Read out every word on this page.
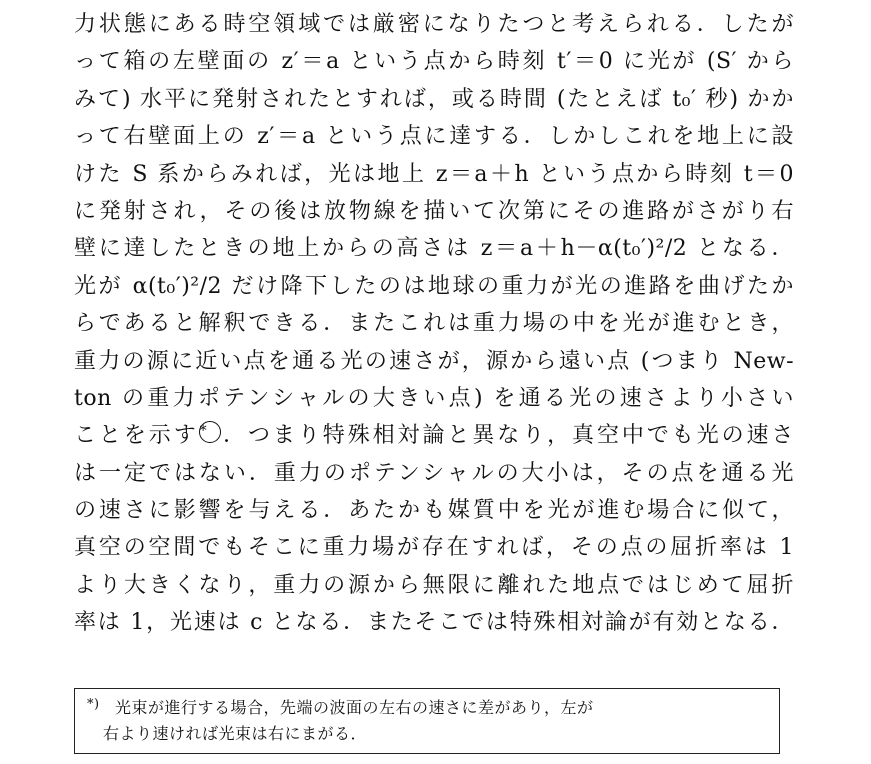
力状態にある時空領域では厳密になりたつと考えられる．したが
って箱の左壁面の z′＝a という点から時刻 t′＝0 に光が (S′ から
みて) 水平に発射されたとすれば，或る時間 (たとえば t₀′ 秒) かか
って右壁面上の z′＝a という点に達する．しかしこれを地上に設
けた S 系からみれば，光は地上 z＝a＋h という点から時刻 t＝0
に発射され，その後は放物線を描いて次第にその進路がさがり右
壁に達したときの地上からの高さは z＝a＋h－α(t₀′)²/2 となる．
光が α(t₀′)²/2 だけ降下したのは地球の重力が光の進路を曲げたか
らであると解釈できる．またこれは重力場の中を光が進むとき，
重力の源に近い点を通る光の速さが，源から遠い点 (つまり New-
ton の重力ポテンシャルの大きい点) を通る光の速さより小さい
ことを示す* ．つまり特殊相対論と異なり，真空中でも光の速さ
は一定ではない．重力のポテンシャルの大小は，その点を通る光
の速さに影響を与える．あたかも媒質中を光が進む場合に似て，
真空の空間でもそこに重力場が存在すれば，その点の屈折率は 1
より大きくなり，重力の源から無限に離れた地点ではじめて屈折
率は 1，光速は c となる．またそこでは特殊相対論が有効となる．
*) 光束が進行する場合，先端の波面の左右の速さに差があり，左が
右より速ければ光束は右にまがる．
